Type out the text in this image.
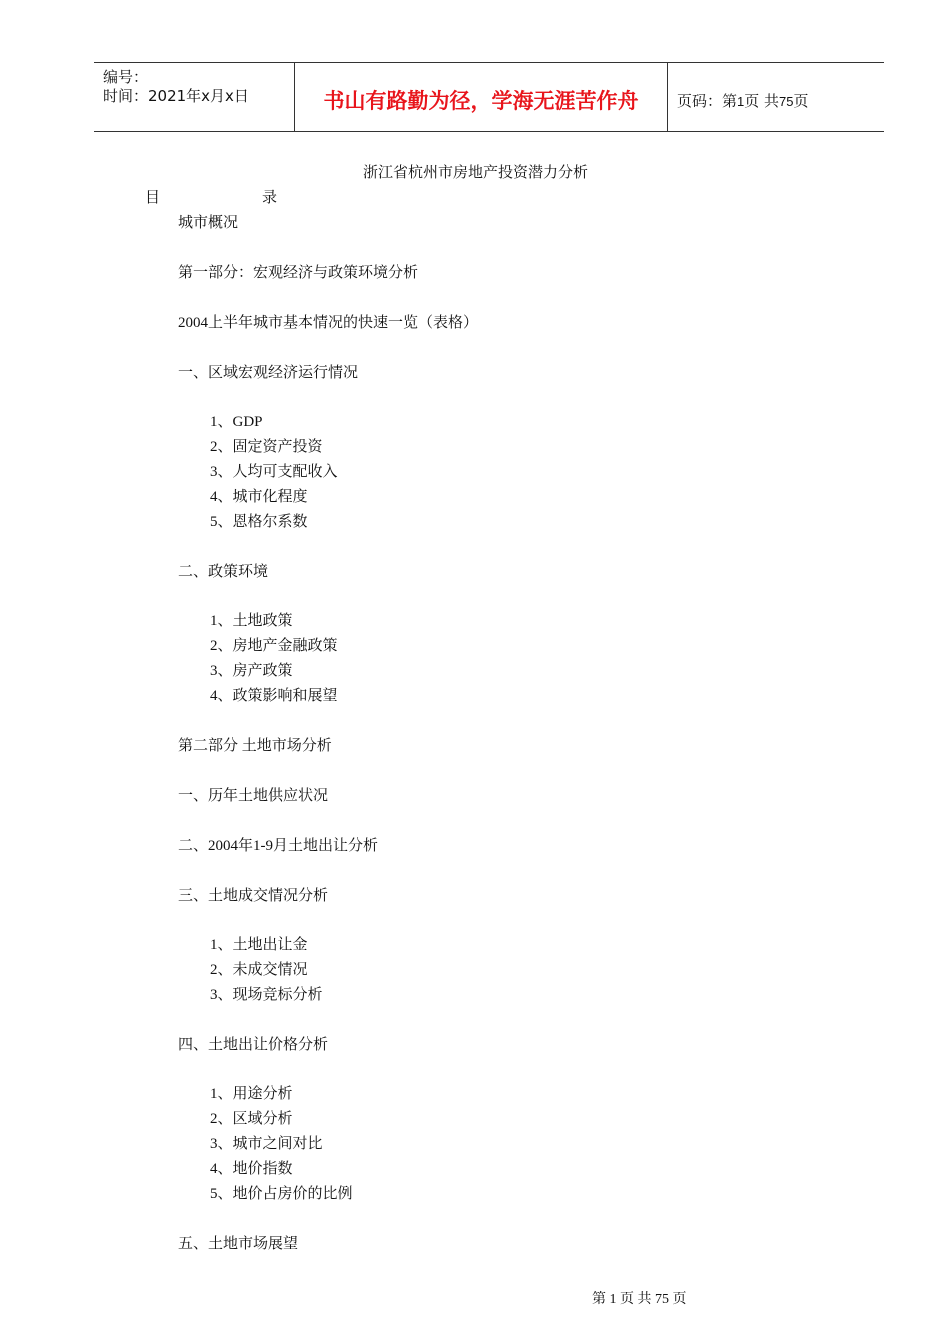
编号：
时间：2021年x月x日	书山有路勤为径，学海无涯苦作舟	页码：第1页 共75页
浙江省杭州市房地产投资潜力分析
目	录
城市概况
第一部分：宏观经济与政策环境分析
2004上半年城市基本情况的快速一览（表格）
一、区域宏观经济运行情况
1、GDP
2、固定资产投资
3、人均可支配收入
4、城市化程度
5、恩格尔系数
二、政策环境
1、土地政策
2、房地产金融政策
3、房产政策
4、政策影响和展望
第二部分 土地市场分析
一、历年土地供应状况
二、2004年1-9月土地出让分析
三、土地成交情况分析
1、土地出让金
2、未成交情况
3、现场竞标分析
四、土地出让价格分析
1、用途分析
2、区域分析
3、城市之间对比
4、地价指数
5、地价占房价的比例
五、土地市场展望
第 1 页 共 75 页
